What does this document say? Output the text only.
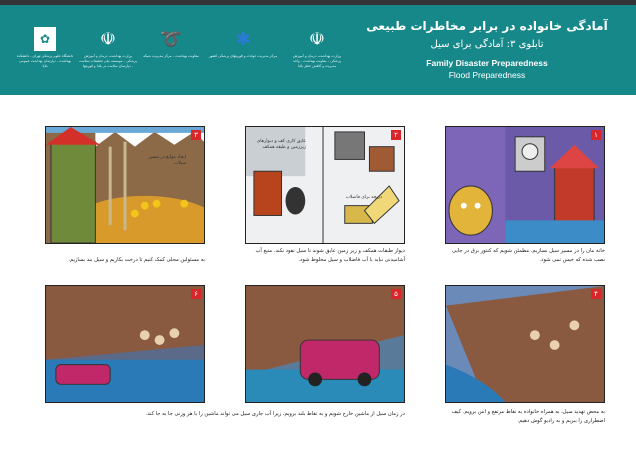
✿
دانشگاه علوم پزشکی تهران - دانشکده بهداشت - دپارتمان بهداشت عمومی بلایا
☫
وزارت بهداشت، درمان و آموزش پزشکی - موسسه ملی تحقیقات سلامت - دپارتمان سلامت در بلایا و فوریتها
➰
معاونت بهداشت - مرکز مدیریت شبکه
✱
مرکز مدیریت حوادث و فوریتهای پزشکی کشور
☫
وزارت بهداشت، درمان و آموزش پزشکی - معاونت بهداشت - واحد مدیریت و کاهش خطر بلایا
آمادگی خانواده در برابر مخاطرات طبیعی
تابلوی ۳: آمادگی برای سیل
Family Disaster Preparedness
Flood Preparedness
۱
خانه مان را در مسیر سیل نسازیم. مطمئن شویم که کنتور برق در جایی نصب شده که خیس نمی شود.
عایق کاری کف و دیوارهای زیرزمین و طبقه همکف
دریچه برای فاضلاب
۲
دیوار طبقات همکف و زیر زمین عایق شوند تا سیل نفوذ نکند. منبع آب آشامیدنی نباید با آب فاضلاب و سیل مخلوط شود.
ایجاد موانع در مسیر سیلاب
۳
به مسئولین محلی کمک کنیم تا درخت بکاریم و سیل بند بسازیم.
۴
به محض تهدید سیل، به همراه خانواده به نقاط مرتفع و امن برویم. کیف اضطراری را ببریم و به رادیو گوش دهیم.
۵
۶
در زمان سیل از ماشین خارج شویم و به نقاط بلند برویم، زیرا آب جاری سیل می تواند ماشین را با هر وزنی جا به جا کند.
